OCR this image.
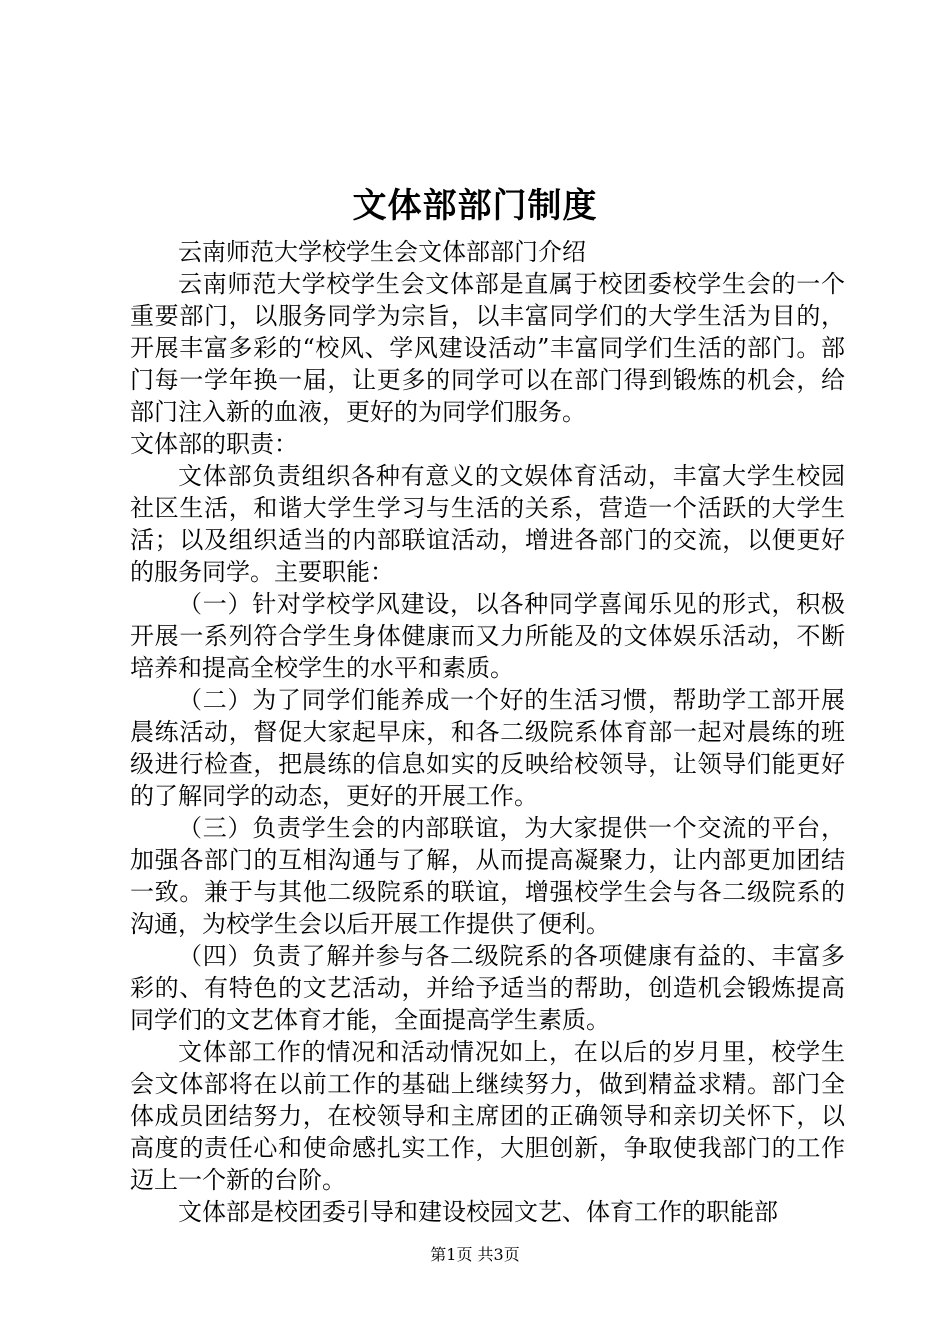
文体部部门制度

云南师范大学校学生会文体部部门介绍

云南师范大学校学生会文体部是直属于校团委校学生会的一个重要部门，以服务同学为宗旨，以丰富同学们的大学生活为目的，开展丰富多彩的“校风、学风建设活动”丰富同学们生活的部门。部门每一学年换一届，让更多的同学可以在部门得到锻炼的机会，给部门注入新的血液，更好的为同学们服务。

文体部的职责：

文体部负责组织各种有意义的文娱体育活动，丰富大学生校园社区生活，和谐大学生学习与生活的关系，营造一个活跃的大学生活；以及组织适当的内部联谊活动，增进各部门的交流，以便更好的服务同学。主要职能：

（一）针对学校学风建设，以各种同学喜闻乐见的形式，积极开展一系列符合学生身体健康而又力所能及的文体娱乐活动，不断培养和提高全校学生的水平和素质。

（二）为了同学们能养成一个好的生活习惯，帮助学工部开展晨练活动，督促大家起早床，和各二级院系体育部一起对晨练的班级进行检查，把晨练的信息如实的反映给校领导，让领导们能更好的了解同学的动态，更好的开展工作。

（三）负责学生会的内部联谊，为大家提供一个交流的平台，加强各部门的互相沟通与了解，从而提高凝聚力，让内部更加团结一致。兼于与其他二级院系的联谊，增强校学生会与各二级院系的沟通，为校学生会以后开展工作提供了便利。

（四）负责了解并参与各二级院系的各项健康有益的、丰富多彩的、有特色的文艺活动，并给予适当的帮助，创造机会锻炼提高同学们的文艺体育才能，全面提高学生素质。

文体部工作的情况和活动情况如上，在以后的岁月里，校学生会文体部将在以前工作的基础上继续努力，做到精益求精。部门全体成员团结努力，在校领导和主席团的正确领导和亲切关怀下，以高度的责任心和使命感扎实工作，大胆创新，争取使我部门的工作迈上一个新的台阶。

文体部是校团委引导和建设校园文艺、体育工作的职能部

第1页 共3页
